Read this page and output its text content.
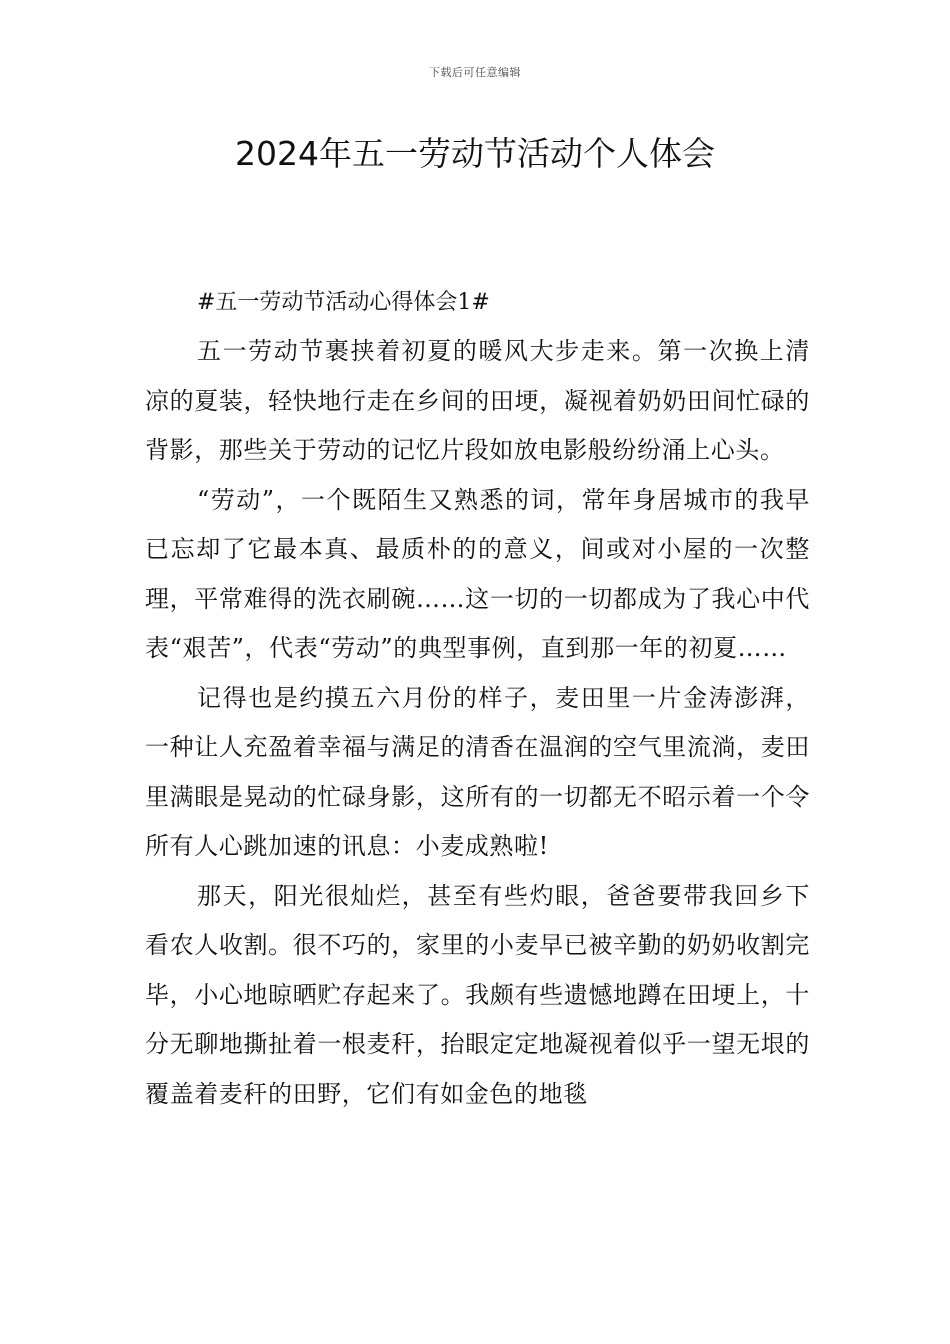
下载后可任意编辑
2024年五一劳动节活动个人体会

#五一劳动节活动心得体会1#

五一劳动节裹挟着初夏的暖风大步走来。第一次换上清凉的夏装，轻快地行走在乡间的田埂，凝视着奶奶田间忙碌的背影，那些关于劳动的记忆片段如放电影般纷纷涌上心头。

“劳动”，一个既陌生又熟悉的词，常年身居城市的我早已忘却了它最本真、最质朴的的意义，间或对小屋的一次整理，平常难得的洗衣刷碗……这一切的一切都成为了我心中代表“艰苦”，代表“劳动”的典型事例，直到那一年的初夏……

记得也是约摸五六月份的样子，麦田里一片金涛澎湃，一种让人充盈着幸福与满足的清香在温润的空气里流淌，麦田里满眼是晃动的忙碌身影，这所有的一切都无不昭示着一个令所有人心跳加速的讯息：小麦成熟啦!

那天，阳光很灿烂，甚至有些灼眼，爸爸要带我回乡下看农人收割。很不巧的，家里的小麦早已被辛勤的奶奶收割完毕，小心地晾晒贮存起来了。我颇有些遗憾地蹲在田埂上，十分无聊地撕扯着一根麦秆，抬眼定定地凝视着似乎一望无垠的覆盖着麦秆的田野，它们有如金色的地毯
